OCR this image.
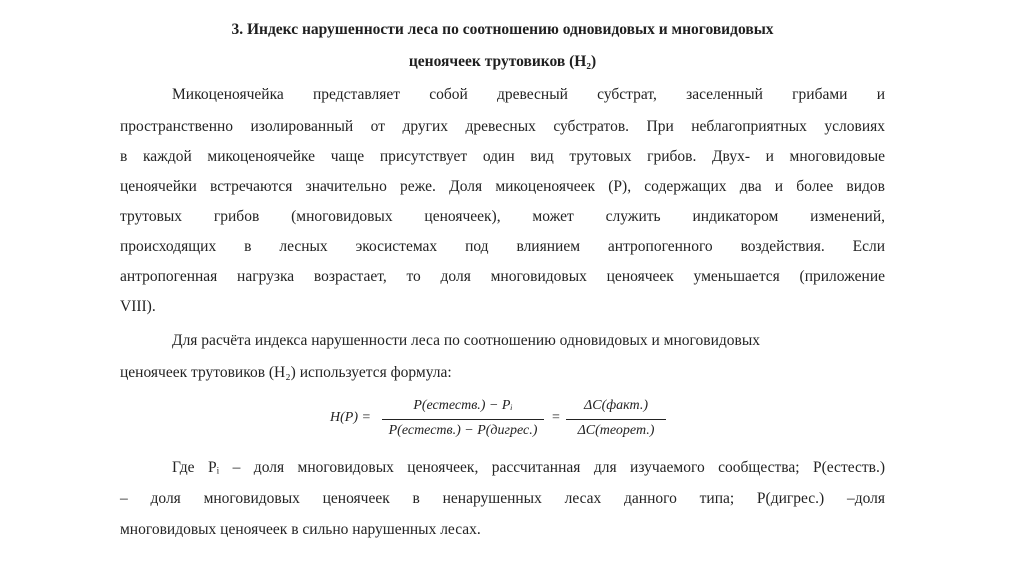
3. Индекс нарушенности леса по соотношению одновидовых и многовидовых
ценоячеек трутовиков (H₂)
Микоценоячейка представляет собой древесный субстрат, заселенный грибами и
пространственно изолированный от других древесных субстратов. При неблагоприятных условиях
в каждой микоценоячейке чаще присутствует один вид трутовых грибов. Двух- и многовидовые
ценоячейки встречаются значительно реже. Доля микоценоячеек (P), содержащих два и более видов
трутовых грибов (многовидовых ценоячеек), может служить индикатором изменений,
происходящих в лесных экосистемах под влиянием антропогенного воздействия. Если
антропогенная нагрузка возрастает, то доля многовидовых ценоячеек уменьшается (приложение
VIII).
Для расчёта индекса нарушенности леса по соотношению одновидовых и многовидовых
ценоячеек трутовиков (H₂) используется формула:
H(P) =
P(естеств.) − Pᵢ
P(естеств.) − P(дигрес.)
=
ΔC(факт.)
ΔC(теорет.)
Где Pᵢ – доля многовидовых ценоячеек, рассчитанная для изучаемого сообщества; P(естеств.)
– доля многовидовых ценоячеек в ненарушенных лесах данного типа; P(дигрес.) –доля
многовидовых ценоячеек в сильно нарушенных лесах.
